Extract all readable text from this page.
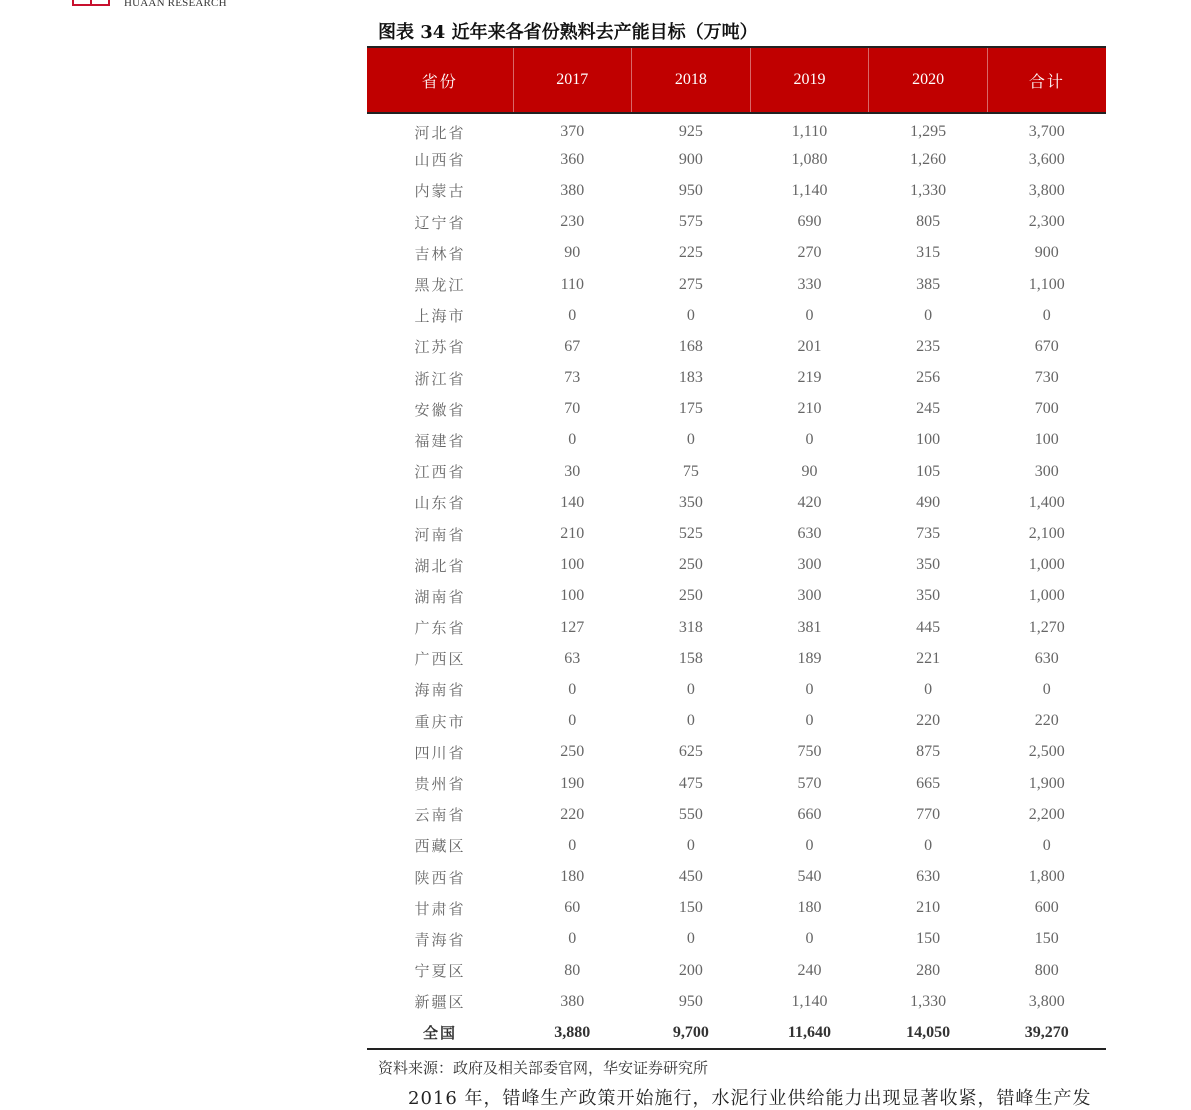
HUAAN RESEARCH
图表 34 近年来各省份熟料去产能目标（万吨）
省份	2017	2018	2019	2020	合计
河北省	370	925	1,110	1,295	3,700
山西省	360	900	1,080	1,260	3,600
内蒙古	380	950	1,140	1,330	3,800
辽宁省	230	575	690	805	2,300
吉林省	90	225	270	315	900
黑龙江	110	275	330	385	1,100
上海市	0	0	0	0	0
江苏省	67	168	201	235	670
浙江省	73	183	219	256	730
安徽省	70	175	210	245	700
福建省	0	0	0	100	100
江西省	30	75	90	105	300
山东省	140	350	420	490	1,400
河南省	210	525	630	735	2,100
湖北省	100	250	300	350	1,000
湖南省	100	250	300	350	1,000
广东省	127	318	381	445	1,270
广西区	63	158	189	221	630
海南省	0	0	0	0	0
重庆市	0	0	0	220	220
四川省	250	625	750	875	2,500
贵州省	190	475	570	665	1,900
云南省	220	550	660	770	2,200
西藏区	0	0	0	0	0
陕西省	180	450	540	630	1,800
甘肃省	60	150	180	210	600
青海省	0	0	0	150	150
宁夏区	80	200	240	280	800
新疆区	380	950	1,140	1,330	3,800
全国	3,880	9,700	11,640	14,050	39,270
资料来源：政府及相关部委官网，华安证券研究所
2016 年，错峰生产政策开始施行，水泥行业供给能力出现显著收紧，错峰生产发
